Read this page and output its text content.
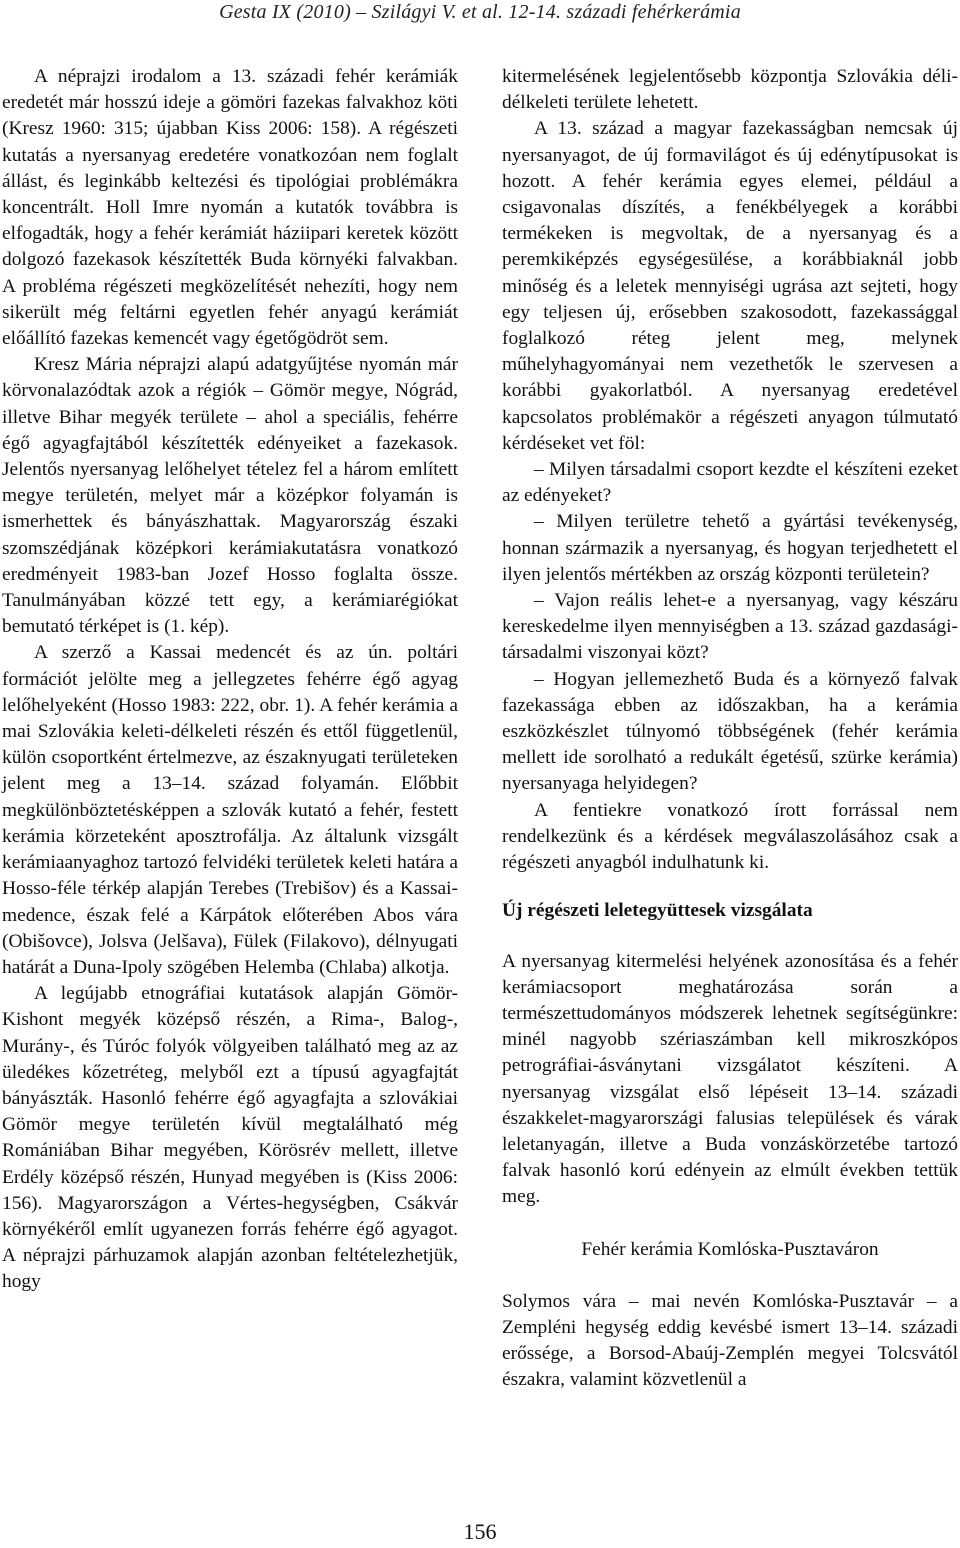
Gesta IX (2010) – Szilágyi V. et al. 12-14. századi fehérkerámia

A néprajzi irodalom a 13. századi fehér kerámiák eredetét már hosszú ideje a gömöri fazekas falvakhoz köti (Kresz 1960: 315; újabban Kiss 2006: 158). A régészeti kutatás a nyersanyag eredetére vonatkozóan nem foglalt állást, és leginkább keltezési és tipológiai problémákra koncentrált. Holl Imre nyomán a kutatók továbbra is elfogadták, hogy a fehér kerámiát háziipari keretek között dolgozó fazekasok készítették Buda környéki falvakban. A probléma régészeti megközelítését nehezíti, hogy nem sikerült még feltárni egyetlen fehér anyagú kerámiát előállító fazekas kemencét vagy égetőgödröt sem.

Kresz Mária néprajzi alapú adatgyűjtése nyomán már körvonalazódtak azok a régiók – Gömör megye, Nógrád, illetve Bihar megyék területe – ahol a speciális, fehérre égő agyagfajtából készítették edényeiket a fazekasok. Jelentős nyersanyag lelőhelyet tételez fel a három említett megye területén, melyet már a középkor folyamán is ismerhettek és bányászhattak. Magyarország északi szomszédjának középkori kerámiakutatásra vonatkozó eredményeit 1983-ban Jozef Hosso foglalta össze. Tanulmányában közzé tett egy, a kerámiarégiókat bemutató térképet is (1. kép).

A szerző a Kassai medencét és az ún. poltári formációt jelölte meg a jellegzetes fehérre égő agyag lelőhelyeként (Hosso 1983: 222, obr. 1). A fehér kerámia a mai Szlovákia keleti-délkeleti részén és ettől függetlenül, külön csoportként értelmezve, az északnyugati területeken jelent meg a 13–14. század folyamán. Előbbit megkülönböztetésképpen a szlovák kutató a fehér, festett kerámia körzeteként aposztrofálja. Az általunk vizsgált kerámiaanyaghoz tartozó felvidéki területek keleti határa a Hosso-féle térkép alapján Terebes (Trebišov) és a Kassai-medence, észak felé a Kárpátok előterében Abos vára (Obišovce), Jolsva (Jelšava), Fülek (Filakovo), délnyugati határát a Duna-Ipoly szögében Helemba (Chlaba) alkotja.

A legújabb etnográfiai kutatások alapján Gömör-Kishont megyék középső részén, a Rima-, Balog-, Murány-, és Túróc folyók völgyeiben található meg az az üledékes kőzetréteg, melyből ezt a típusú agyagfajtát bányászták. Hasonló fehérre égő agyagfajta a szlovákiai Gömör megye területén kívül megtalálható még Romániában Bihar megyében, Körösrév mellett, illetve Erdély középső részén, Hunyad megyében is (Kiss 2006: 156). Magyarországon a Vértes-hegységben, Csákvár környékéről említ ugyanezen forrás fehérre égő agyagot. A néprajzi párhuzamok alapján azonban feltételezhetjük, hogy

kitermelésének legjelentősebb központja Szlovákia déli-délkeleti területe lehetett.

A 13. század a magyar fazekasságban nemcsak új nyersanyagot, de új formavilágot és új edénytípusokat is hozott. A fehér kerámia egyes elemei, például a csigavonalas díszítés, a fenékbélyegek a korábbi termékeken is megvoltak, de a nyersanyag és a peremkiképzés egységesülése, a korábbiaknál jobb minőség és a leletek mennyiségi ugrása azt sejteti, hogy egy teljesen új, erősebben szakosodott, fazekassággal foglalkozó réteg jelent meg, melynek műhelyhagyományai nem vezethetők le szervesen a korábbi gyakorlatból. A nyersanyag eredetével kapcsolatos problémakör a régészeti anyagon túlmutató kérdéseket vet föl:

– Milyen társadalmi csoport kezdte el készíteni ezeket az edényeket?

– Milyen területre tehető a gyártási tevékenység, honnan származik a nyersanyag, és hogyan terjedhetett el ilyen jelentős mértékben az ország központi területein?

– Vajon reális lehet-e a nyersanyag, vagy készáru kereskedelme ilyen mennyiségben a 13. század gazdasági-társadalmi viszonyai közt?

– Hogyan jellemezhető Buda és a környező falvak fazekassága ebben az időszakban, ha a kerámia eszközkészlet túlnyomó többségének (fehér kerámia mellett ide sorolható a redukált égetésű, szürke kerámia) nyersanyaga helyidegen?

A fentiekre vonatkozó írott forrással nem rendelkezünk és a kérdések megválaszolásához csak a régészeti anyagból indulhatunk ki.

Új régészeti leletegyüttesek vizsgálata

A nyersanyag kitermelési helyének azonosítása és a fehér kerámiacsoport meghatározása során a természettudományos módszerek lehetnek segítségünkre: minél nagyobb szériaszámban kell mikroszkópos petrográfiai-ásványtani vizsgálatot készíteni. A nyersanyag vizsgálat első lépéseit 13–14. századi északkelet-magyarországi falusias települések és várak leletanyagán, illetve a Buda vonzáskörzetébe tartozó falvak hasonló korú edényein az elmúlt években tettük meg.

Fehér kerámia Komlóska-Pusztaváron

Solymos vára – mai nevén Komlóska-Pusztavár – a Zempléni hegység eddig kevésbé ismert 13–14. századi erőssége, a Borsod-Abaúj-Zemplén megyei Tolcsvától északra, valamint közvetlenül a

156
